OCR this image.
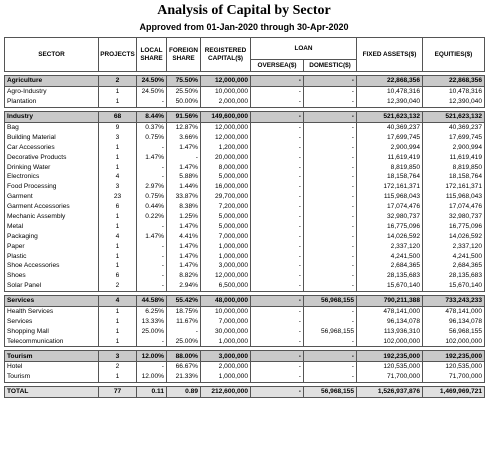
Analysis of Capital by Sector
Approved from 01-Jan-2020 through 30-Apr-2020
SECTOR	PROJECTS	LOCAL SHARE	FOREIGN SHARE	REGISTERED CAPITAL($)	LOAN		FIXED ASSETS($)	EQUITIES($)
					OVERSEA($)	DOMESTIC($)		

Agriculture	2	24.50%	75.50%	12,000,000	-	-	22,868,356	22,868,356
Agro-Industry	1	24.50%	25.50%	10,000,000	-	-	10,478,316	10,478,316
Plantation	1	-	50.00%	2,000,000	-	-	12,390,040	12,390,040

Industry	68	8.44%	91.56%	149,600,000	-	-	521,623,132	521,623,132
Bag	9	0.37%	12.87%	12,000,000	-	-	40,369,237	40,369,237
Building Material	3	0.75%	3.66%	12,000,000	-	-	17,699,745	17,699,745
Car Accessories	1	-	1.47%	1,200,000	-	-	2,900,994	2,900,994
Decorative Products	1	1.47%	-	20,000,000	-	-	11,619,419	11,619,419
Drinking Water	1	-	1.47%	8,000,000	-	-	8,819,850	8,819,850
Electronics	4	-	5.88%	5,000,000	-	-	18,158,764	18,158,764
Food Processing	3	2.97%	1.44%	16,000,000	-	-	172,161,371	172,161,371
Garment	23	0.75%	33.87%	29,700,000	-	-	115,968,043	115,968,043
Garment Accessories	6	0.44%	8.38%	7,200,000	-	-	17,074,476	17,074,476
Mechanic Assembly	1	0.22%	1.25%	5,000,000	-	-	32,980,737	32,980,737
Metal	1	-	1.47%	5,000,000	-	-	16,775,096	16,775,096
Packaging	4	1.47%	4.41%	7,000,000	-	-	14,026,592	14,026,592
Paper	1	-	1.47%	1,000,000	-	-	2,337,120	2,337,120
Plastic	1	-	1.47%	1,000,000	-	-	4,241,500	4,241,500
Shoe Accessories	1	-	1.47%	3,000,000	-	-	2,684,365	2,684,365
Shoes	6	-	8.82%	12,000,000	-	-	28,135,683	28,135,683
Solar Panel	2	-	2.94%	6,500,000	-	-	15,670,140	15,670,140

Services	4	44.58%	55.42%	48,000,000	-	56,968,155	790,211,388	733,243,233
Health Services	1	6.25%	18.75%	10,000,000	-	-	478,141,000	478,141,000
Services	1	13.33%	11.67%	7,000,000	-	-	96,134,078	96,134,078
Shopping Mall	1	25.00%	-	30,000,000	-	56,968,155	113,936,310	56,968,155
Telecommunication	1	-	25.00%	1,000,000	-	-	102,000,000	102,000,000

Tourism	3	12.00%	88.00%	3,000,000	-	-	192,235,000	192,235,000
Hotel	2	-	66.67%	2,000,000	-	-	120,535,000	120,535,000
Tourism	1	12.00%	21.33%	1,000,000	-	-	71,700,000	71,700,000

TOTAL	77	0.11	0.89	212,600,000	-	56,968,155	1,526,937,876	1,469,969,721
